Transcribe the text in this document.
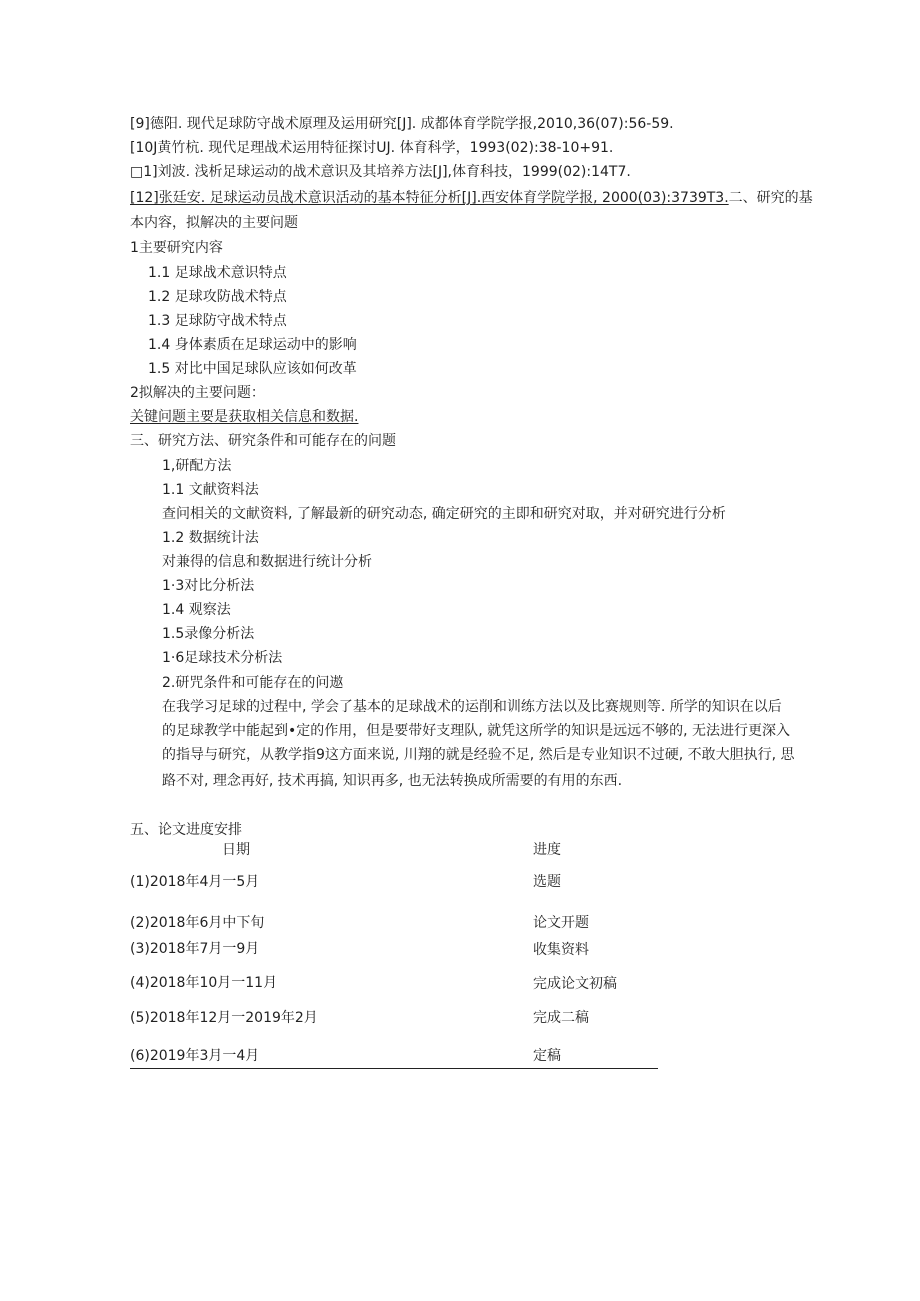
[9]德阳. 现代足球防守战术原理及运用研究[J]. 成都体育学院学报,2010,36(07):56-59.
[10J黄竹杭. 现代足理战术运用特征探讨UJ. 体育科学，1993(02):38-10+91.
□1]刘波. 浅析足球运动的战术意识及其培养方法[J],体育科技，1999(02):14T7.
[12]张廷安. 足球运动员战术意识活动的基本特征分析[J].西安体育学院学报, 2000(03):3739T3.二、研究的基
本内容，拟解决的主要问题
1主要研究内容
1.1 足球战术意识特点
1.2 足球攻防战术特点
1.3 足球防守战术特点
1.4 身体素质在足球运动中的影响
1.5 对比中国足球队应该如何改革
2拟解决的主要问题：
关键问题主要是获取相关信息和数据.
三、研究方法、研究条件和可能存在的问题
1,研配方法
1.1 文献资料法
查问相关的文献资料, 了解最新的研究动态, 确定研究的主即和研究对取，并对研究进行分析
1.2 数据统计法
对兼得的信息和数据进行统计分析
1·3对比分析法
1.4 观察法
1.5录像分析法
1·6足球技术分析法
2.研咒条件和可能存在的问遨
在我学习足球的过程中, 学会了基本的足球战术的运削和训练方法以及比赛规则等. 所学的知识在以后
的足球教学中能起到•定的作用，但是要带好支理队, 就凭这所学的知识是远远不够的, 无法进行更深入
的指导与研究，从教学指9这方面来说, 川翔的就是经验不足, 然后是专业知识不过硬, 不敢大胆执行, 思
路不对, 理念再好, 技术再搞, 知识再多, 也无法转换成所需要的有用的东西.
五、论文进度安排
日期	进度
(1)2018年4月一5月	选题
(2)2018年6月中下旬	论文开题
(3)2018年7月一9月	收集资料
(4)2018年10月一11月	完成论文初稿
(5)2018年12月一2019年2月	完成二稿
(6)2019年3月一4月	定稿
